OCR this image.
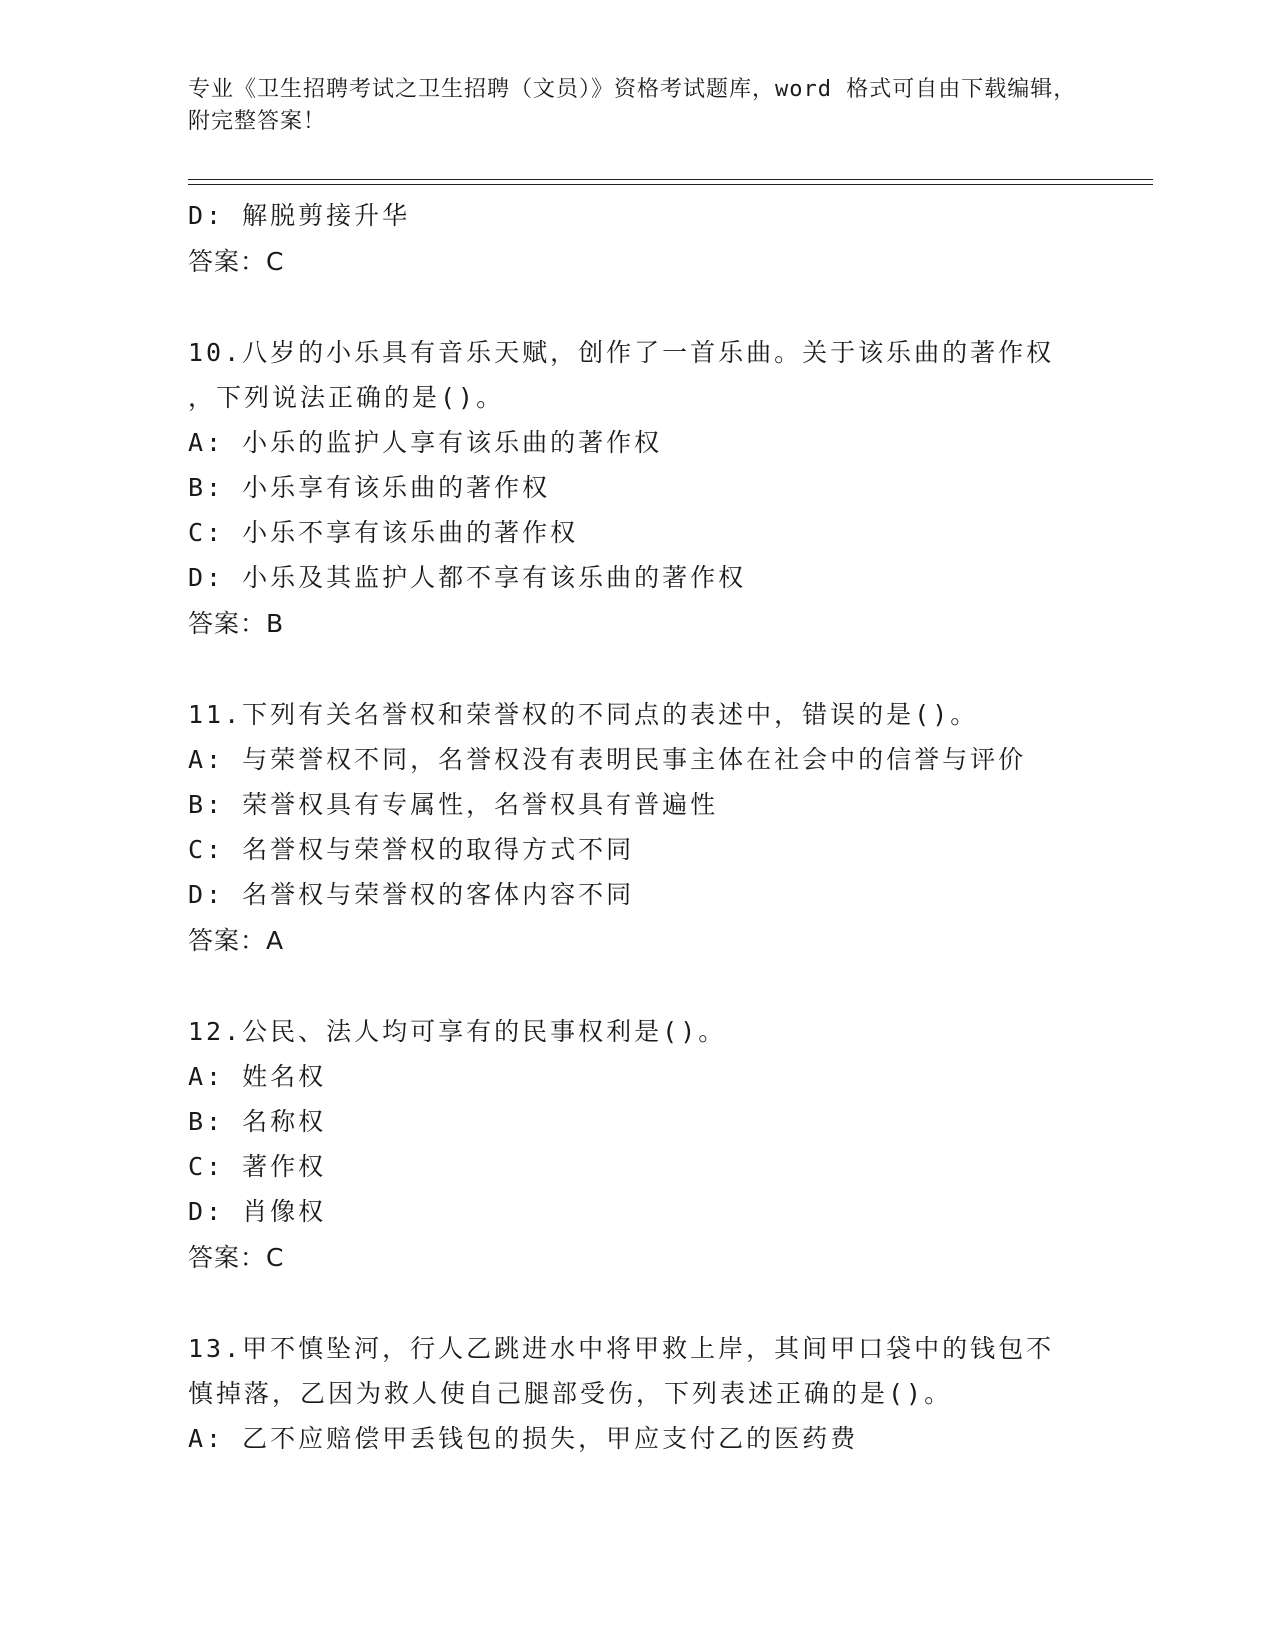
专业《卫生招聘考试之卫生招聘（文员）》资格考试题库，word 格式可自由下载编辑，附完整答案！
D: 解脱剪接升华
答案：C
10.八岁的小乐具有音乐天赋，创作了一首乐曲。关于该乐曲的著作权
，下列说法正确的是()。
A: 小乐的监护人享有该乐曲的著作权
B: 小乐享有该乐曲的著作权
C: 小乐不享有该乐曲的著作权
D: 小乐及其监护人都不享有该乐曲的著作权
答案：B
11.下列有关名誉权和荣誉权的不同点的表述中，错误的是()。
A: 与荣誉权不同，名誉权没有表明民事主体在社会中的信誉与评价
B: 荣誉权具有专属性，名誉权具有普遍性
C: 名誉权与荣誉权的取得方式不同
D: 名誉权与荣誉权的客体内容不同
答案：A
12.公民、法人均可享有的民事权利是()。
A: 姓名权
B: 名称权
C: 著作权
D: 肖像权
答案：C
13.甲不慎坠河，行人乙跳进水中将甲救上岸，其间甲口袋中的钱包不
慎掉落，乙因为救人使自己腿部受伤，下列表述正确的是()。
A: 乙不应赔偿甲丢钱包的损失，甲应支付乙的医药费
